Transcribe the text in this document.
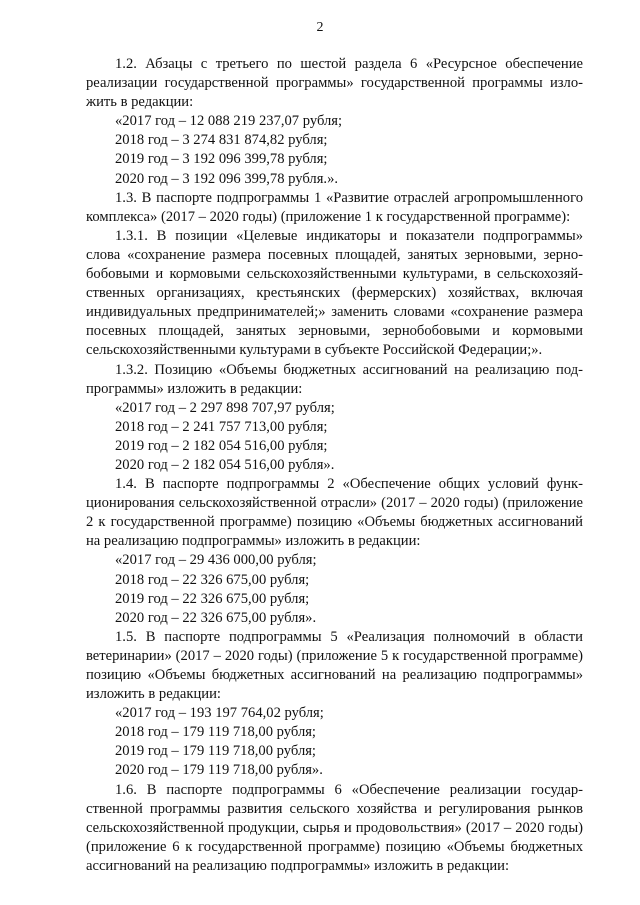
2

1.2. Абзацы с третьего по шестой раздела 6 «Ресурсное обеспечение реализации государственной программы» государственной программы изложить в редакции:

«2017 год – 12 088 219 237,07 рубля;

2018 год – 3 274 831 874,82 рубля;

2019 год – 3 192 096 399,78 рубля;

2020 год – 3 192 096 399,78 рубля.».

1.3. В паспорте подпрограммы 1 «Развитие отраслей агропромышленного комплекса» (2017 – 2020 годы) (приложение 1 к государственной программе):

1.3.1. В позиции «Целевые индикаторы и показатели подпрограммы» слова «сохранение размера посевных площадей, занятых зерновыми, зернобобовыми и кормовыми сельскохозяйственными культурами, в сельскохозяйственных организациях, крестьянских (фермерских) хозяйствах, включая индивидуальных предпринимателей;» заменить словами «сохранение размера посевных площадей, занятых зерновыми, зернобобовыми и кормовыми сельскохозяйственными культурами в субъекте Российской Федерации;».

1.3.2. Позицию «Объемы бюджетных ассигнований на реализацию подпрограммы» изложить в редакции:

«2017 год – 2 297 898 707,97 рубля;

2018 год – 2 241 757 713,00 рубля;

2019 год – 2 182 054 516,00 рубля;

2020 год – 2 182 054 516,00 рубля».

1.4. В паспорте подпрограммы 2 «Обеспечение общих условий функционирования сельскохозяйственной отрасли» (2017 – 2020 годы) (приложение 2 к государственной программе) позицию «Объемы бюджетных ассигнований на реализацию подпрограммы» изложить в редакции:

«2017 год – 29 436 000,00 рубля;

2018 год – 22 326 675,00 рубля;

2019 год – 22 326 675,00 рубля;

2020 год – 22 326 675,00 рубля».

1.5. В паспорте подпрограммы 5 «Реализация полномочий в области ветеринарии» (2017 – 2020 годы) (приложение 5 к государственной программе) позицию «Объемы бюджетных ассигнований на реализацию подпрограммы» изложить в редакции:

«2017 год – 193 197 764,02 рубля;

2018 год – 179 119 718,00 рубля;

2019 год – 179 119 718,00 рубля;

2020 год – 179 119 718,00 рубля».

1.6. В паспорте подпрограммы 6 «Обеспечение реализации государственной программы развития сельского хозяйства и регулирования рынков сельскохозяйственной продукции, сырья и продовольствия» (2017 – 2020 годы) (приложение 6 к государственной программе) позицию «Объемы бюджетных ассигнований на реализацию подпрограммы» изложить в редакции:
